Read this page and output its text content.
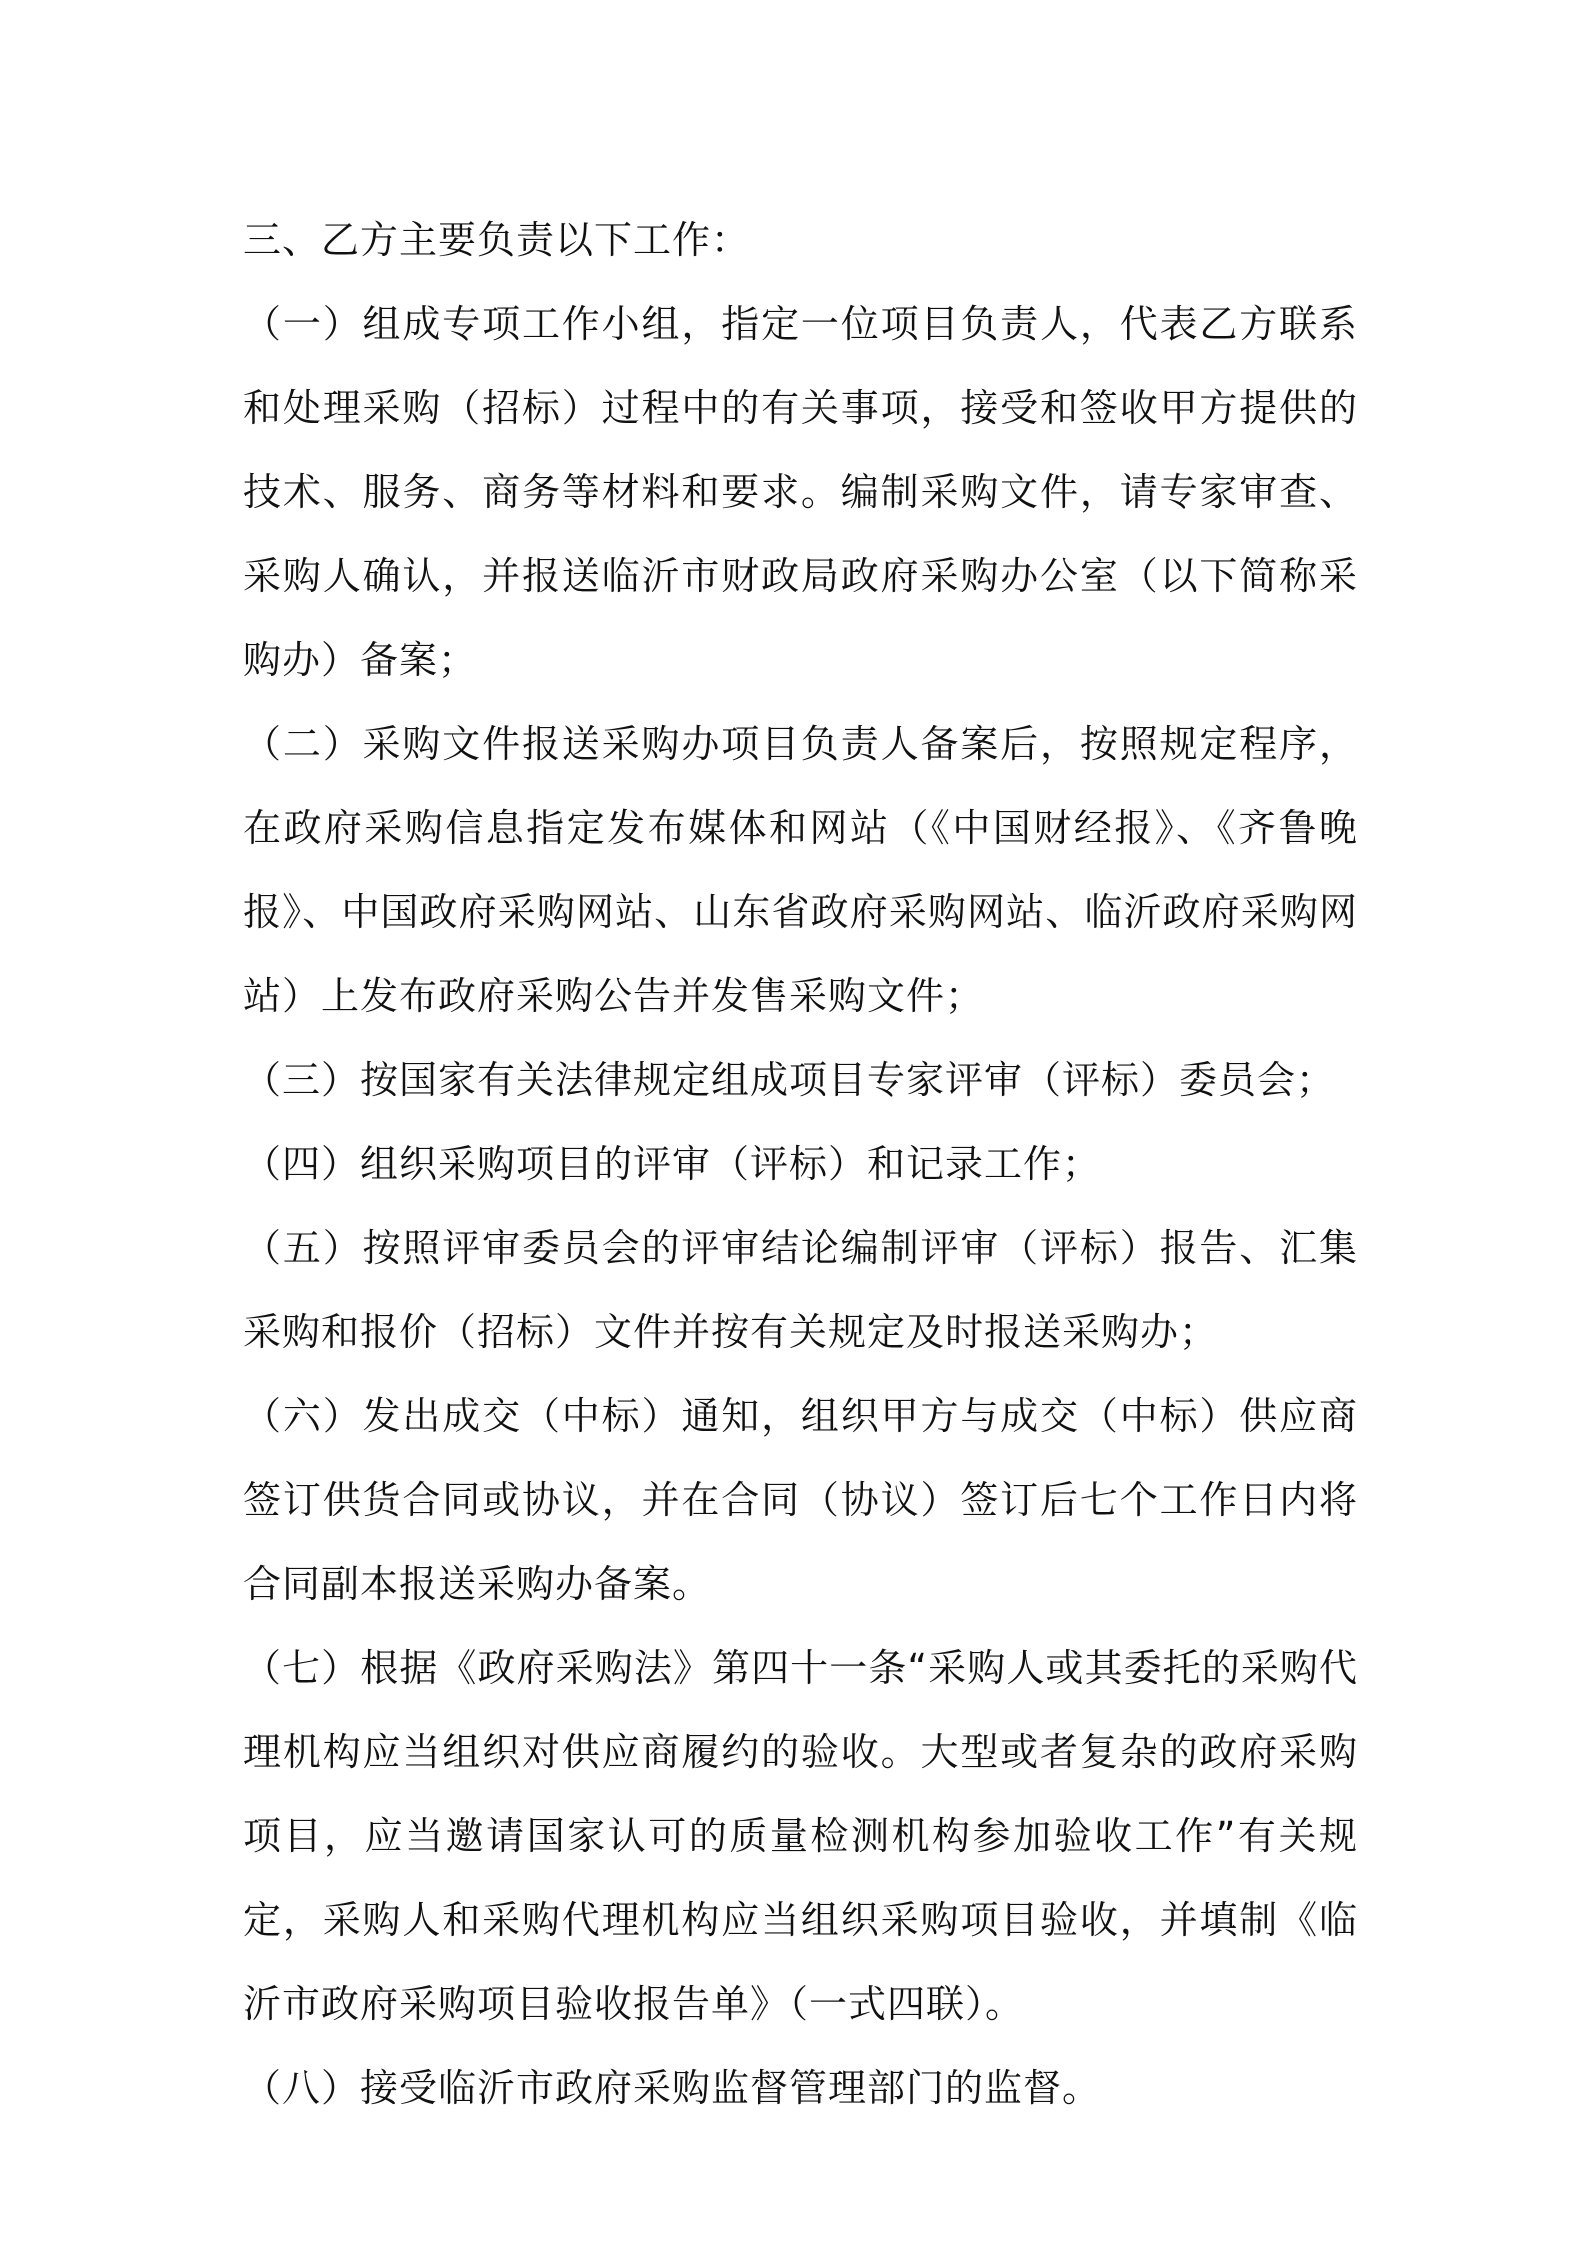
三、乙方主要负责以下工作：

（一）组成专项工作小组，指定一位项目负责人，代表乙方联系和处理采购（招标）过程中的有关事项，接受和签收甲方提供的技术、服务、商务等材料和要求。编制采购文件，请专家审查、采购人确认，并报送临沂市财政局政府采购办公室（以下简称采购办）备案；

（二）采购文件报送采购办项目负责人备案后，按照规定程序，在政府采购信息指定发布媒体和网站（《中国财经报》、《齐鲁晚报》、中国政府采购网站、山东省政府采购网站、临沂政府采购网站）上发布政府采购公告并发售采购文件；

（三）按国家有关法律规定组成项目专家评审（评标）委员会；

（四）组织采购项目的评审（评标）和记录工作；

（五）按照评审委员会的评审结论编制评审（评标）报告、汇集采购和报价（招标）文件并按有关规定及时报送采购办；

（六）发出成交（中标）通知，组织甲方与成交（中标）供应商签订供货合同或协议，并在合同（协议）签订后七个工作日内将合同副本报送采购办备案。

（七）根据《政府采购法》第四十一条“采购人或其委托的采购代理机构应当组织对供应商履约的验收。大型或者复杂的政府采购项目，应当邀请国家认可的质量检测机构参加验收工作”有关规定，采购人和采购代理机构应当组织采购项目验收，并填制《临沂市政府采购项目验收报告单》（一式四联）。

（八）接受临沂市政府采购监督管理部门的监督。
